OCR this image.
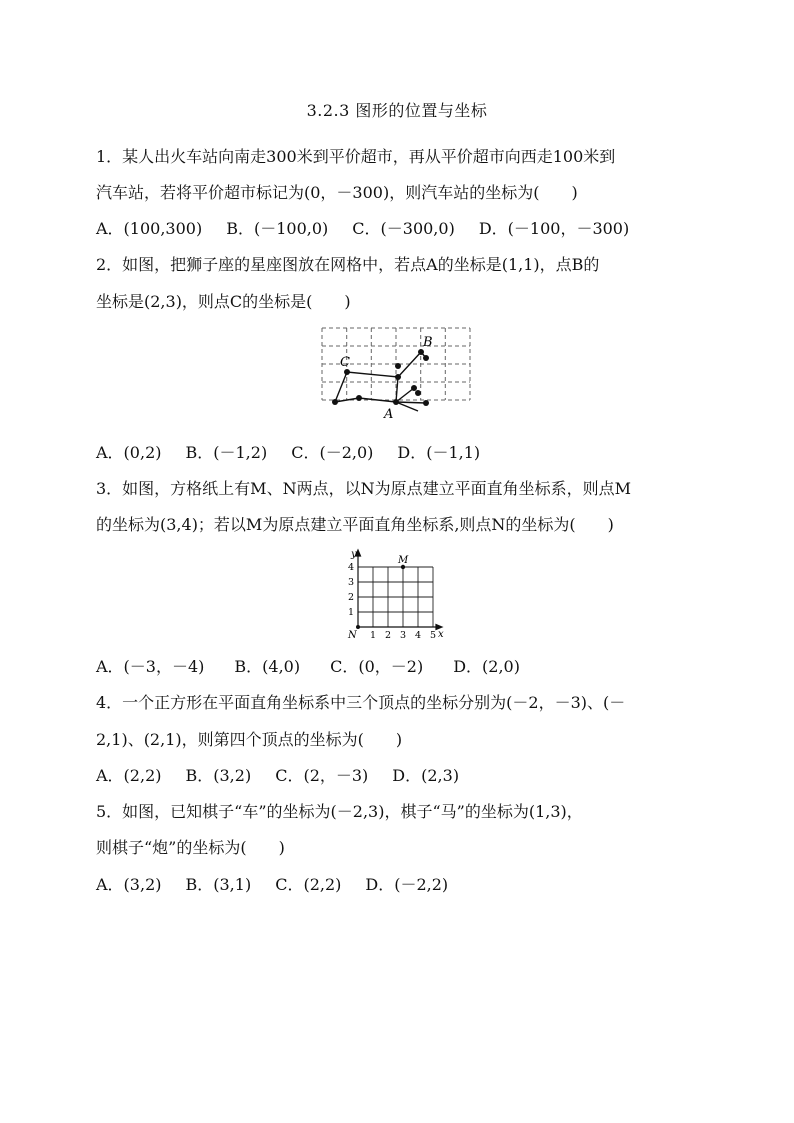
3.2.3 图形的位置与坐标
1．某人出火车站向南走300米到平价超市，再从平价超市向西走100米到
汽车站，若将平价超市标记为(0，－300)，则汽车站的坐标为(　　)
A．(100,300) B．(－100,0) C．(－300,0) D．(－100，－300)
2．如图，把狮子座的星座图放在网格中，若点A的坐标是(1,1)，点B的
坐标是(2,3)，则点C的坐标是(　　)
C
A
B
A．(0,2) B．(－1,2) C．(－2,0) D．(－1,1)
3．如图，方格纸上有M、N两点，以N为原点建立平面直角坐标系，则点M
的坐标为(3,4)；若以M为原点建立平面直角坐标系,则点N的坐标为(　　)
y
x
N
M
1 2 3 4 5
1
2
3
4
A．(－3，－4) B．(4,0) C．(0，－2) D．(2,0)
4．一个正方形在平面直角坐标系中三个顶点的坐标分别为(－2，－3)、(－
2,1)、(2,1)，则第四个顶点的坐标为(　　)
A．(2,2) B．(3,2) C．(2，－3) D．(2,3)
5．如图，已知棋子“车”的坐标为(－2,3)，棋子“马”的坐标为(1,3)，
则棋子“炮”的坐标为(　　)
A．(3,2) B．(3,1) C．(2,2) D．(－2,2)
